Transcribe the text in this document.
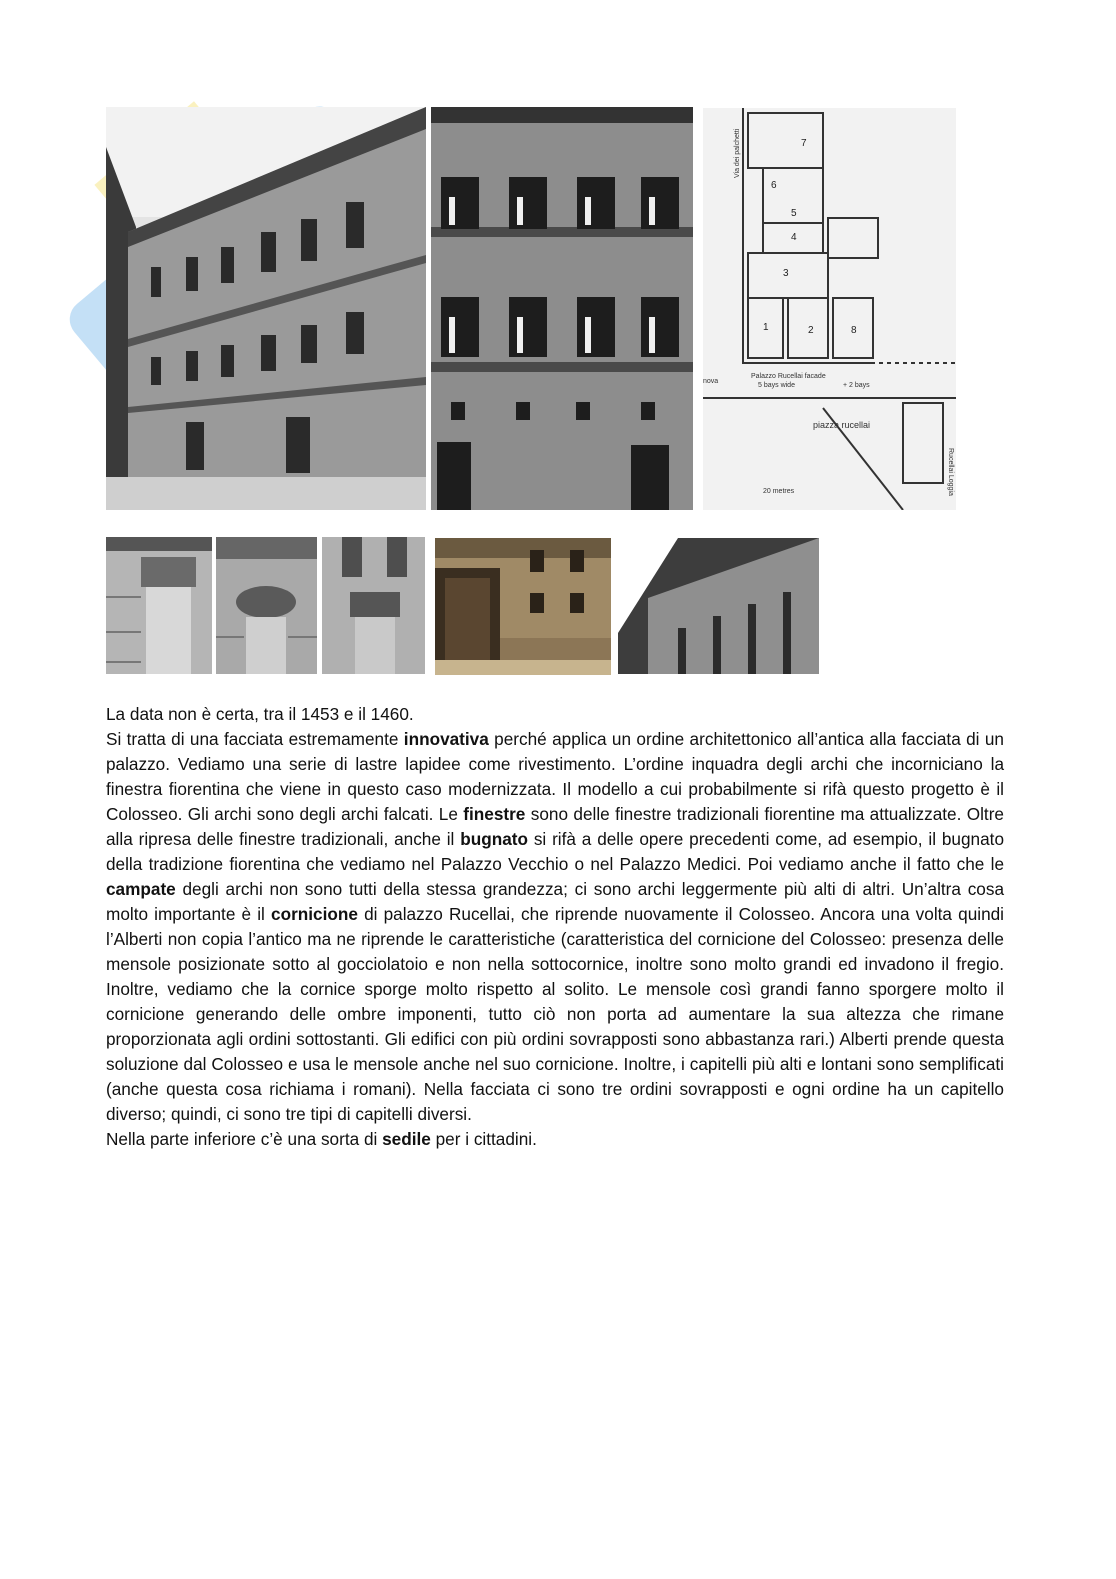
7
6
5
4
3
1	2	8
nova
Palazzo Rucellai facade
5 bays wide	+ 2 bays
piazza rucellai
20 metres	Rucellai Loggia
Via dei palchetti

La data non è certa, tra il 1453 e il 1460.

Si tratta di una facciata estremamente innovativa perché applica un ordine architettonico all’antica alla facciata di un palazzo. Vediamo una serie di lastre lapidee come rivestimento. L’ordine inquadra degli archi che incorniciano la finestra fiorentina che viene in questo caso modernizzata. Il modello a cui probabilmente si rifà questo progetto è il Colosseo. Gli archi sono degli archi falcati. Le finestre sono delle finestre tradizionali fiorentine ma attualizzate. Oltre alla ripresa delle finestre tradizionali, anche il bugnato si rifà a delle opere precedenti come, ad esempio, il bugnato della tradizione fiorentina che vediamo nel Palazzo Vecchio o nel Palazzo Medici. Poi vediamo anche il fatto che le campate degli archi non sono tutti della stessa grandezza; ci sono archi leggermente più alti di altri. Un’altra cosa molto importante è il cornicione di palazzo Rucellai, che riprende nuovamente il Colosseo. Ancora una volta quindi l’Alberti non copia l’antico ma ne riprende le caratteristiche (caratteristica del cornicione del Colosseo: presenza delle mensole posizionate sotto al gocciolatoio e non nella sottocornice, inoltre sono molto grandi ed invadono il fregio. Inoltre, vediamo che la cornice sporge molto rispetto al solito. Le mensole così grandi fanno sporgere molto il cornicione generando delle ombre imponenti, tutto ciò non porta ad aumentare la sua altezza che rimane proporzionata agli ordini sottostanti. Gli edifici con più ordini sovrapposti sono abbastanza rari.) Alberti prende questa soluzione dal Colosseo e usa le mensole anche nel suo cornicione. Inoltre, i capitelli più alti e lontani sono semplificati (anche questa cosa richiama i romani). Nella facciata ci sono tre ordini sovrapposti e ogni ordine ha un capitello diverso; quindi, ci sono tre tipi di capitelli diversi.

Nella parte inferiore c’è una sorta di sedile per i cittadini.
